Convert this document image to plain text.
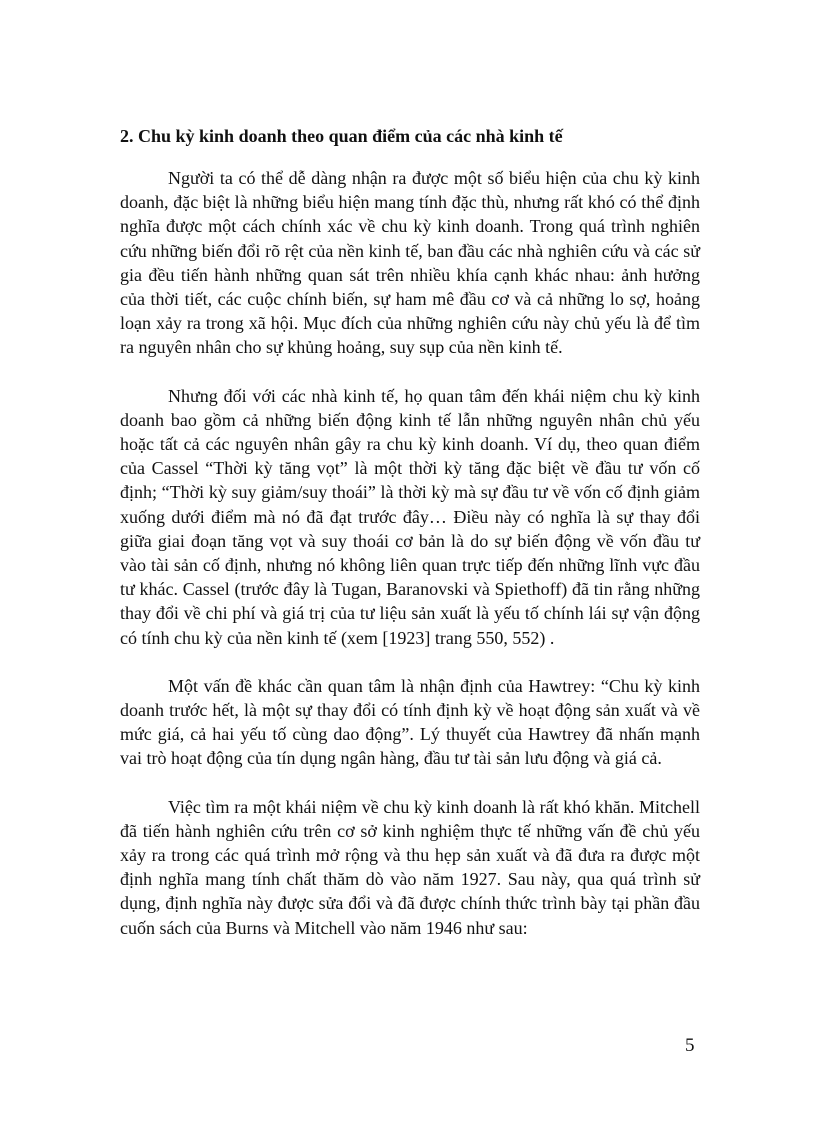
2. Chu kỳ kinh doanh theo quan điểm của các nhà kinh tế

Người ta có thể dễ dàng nhận ra được một số biểu hiện của chu kỳ kinh doanh, đặc biệt là những biểu hiện mang tính đặc thù, nhưng rất khó có thể định nghĩa được một cách chính xác về chu kỳ kinh doanh. Trong quá trình nghiên cứu những biến đổi rõ rệt của nền kinh tế, ban đầu các nhà nghiên cứu và các sử gia đều tiến hành những quan sát trên nhiều khía cạnh khác nhau: ảnh hưởng của thời tiết, các cuộc chính biến, sự ham mê đầu cơ và cả những lo sợ, hoảng loạn xảy ra trong xã hội. Mục đích của những nghiên cứu này chủ yếu là để tìm ra nguyên nhân cho sự khủng hoảng, suy sụp của nền kinh tế.

Nhưng đối với các nhà kinh tế, họ quan tâm đến khái niệm chu kỳ kinh doanh bao gồm cả những biến động kinh tế lẫn những nguyên nhân chủ yếu hoặc tất cả các nguyên nhân gây ra chu kỳ kinh doanh. Ví dụ, theo quan điểm của Cassel “Thời kỳ tăng vọt” là một thời kỳ tăng đặc biệt về đầu tư vốn cố định; “Thời kỳ suy giảm/suy thoái” là thời kỳ mà sự đầu tư về vốn cố định giảm xuống dưới điểm mà nó đã đạt trước đây… Điều này có nghĩa là sự thay đổi giữa giai đoạn tăng vọt và suy thoái cơ bản là do sự biến động về vốn đầu tư vào tài sản cố định, nhưng nó không liên quan trực tiếp đến những lĩnh vực đầu tư khác. Cassel (trước đây là Tugan, Baranovski và Spiethoff) đã tin rằng những thay đổi về chi phí và giá trị của tư liệu sản xuất là yếu tố chính lái sự vận động có tính chu kỳ của nền kinh tế (xem [1923] trang 550, 552) .

Một vấn đề khác cần quan tâm là nhận định của Hawtrey: “Chu kỳ kinh doanh trước hết, là một sự thay đổi có tính định kỳ về hoạt động sản xuất và về mức giá, cả hai yếu tố cùng dao động”. Lý thuyết của Hawtrey đã nhấn mạnh vai trò hoạt động của tín dụng ngân hàng, đầu tư tài sản lưu động và giá cả.

Việc tìm ra một khái niệm về chu kỳ kinh doanh là rất khó khăn. Mitchell đã tiến hành nghiên cứu trên cơ sở kinh nghiệm thực tế những vấn đề chủ yếu xảy ra trong các quá trình mở rộng và thu hẹp sản xuất và đã đưa ra được một định nghĩa mang tính chất thăm dò vào năm 1927. Sau này, qua quá trình sử dụng, định nghĩa này được sửa đổi và đã được chính thức trình bày tại phần đầu cuốn sách của Burns và Mitchell vào năm 1946 như sau:

5
